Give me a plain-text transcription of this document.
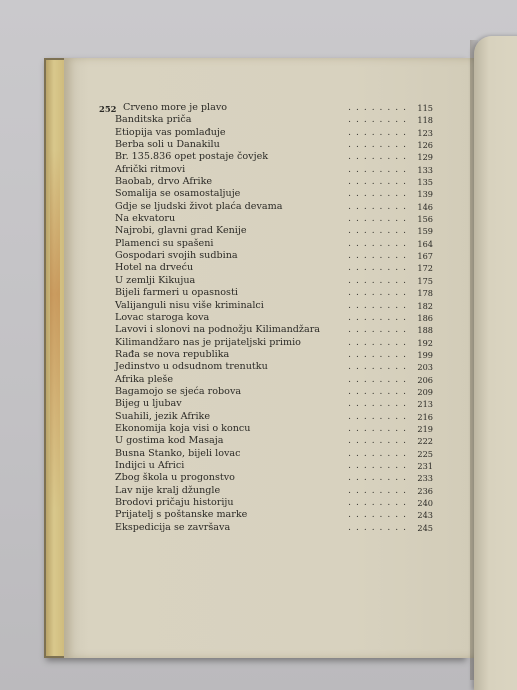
252 Crveno more je plavo	........ 115
Banditska priča	........ 118
Etiopija vas pomlađuje	........ 123
Berba soli u Danakilu	........ 126
Br. 135.836 opet postaje čovjek	........ 129
Afrički ritmovi	........ 133
Baobab, drvo Afrike	........ 135
Somalija se osamostaljuje	........ 139
Gdje se ljudski život plaća devama	........ 146
Na ekvatoru	........ 156
Najrobi, glavni grad Kenije	........ 159
Plamenci su spašeni	........ 164
Gospodari svojih sudbina	........ 167
Hotel na drveću	........ 172
U zemlji Kikujua	........ 175
Bijeli farmeri u opasnosti	........ 178
Valijanguli nisu više kriminalci	........ 182
Lovac staroga kova	........ 186
Lavovi i slonovi na podnožju Kilimandžara	........ 188
Kilimandžaro nas je prijateljski primio	........ 192
Rađa se nova republika	........ 199
Jedinstvo u odsudnom trenutku	........ 203
Afrika pleše	........ 206
Bagamojo se sjeća robova	........ 209
Bijeg u ljubav	........ 213
Suahili, jezik Afrike	........ 216
Ekonomija koja visi o koncu	........ 219
U gostima kod Masaja	........ 222
Busna Stanko, bijeli lovac	........ 225
Indijci u Africi	........ 231
Zbog škola u progonstvo	........ 233
Lav nije kralj džungle	........ 236
Brodovi pričaju historiju	........ 240
Prijatelj s poštanske marke	........ 243
Ekspedicija se završava	........ 245
